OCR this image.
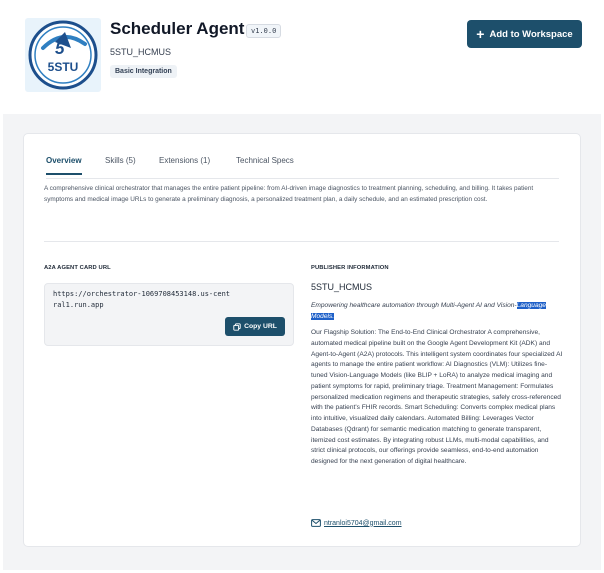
5
5STU
Scheduler Agent v1.0.0
5STU_HCMUS
Basic Integration
+ Add to Workspace
Overview	Skills (5)	Extensions (1)	Technical Specs
A comprehensive clinical orchestrator that manages the entire patient pipeline: from AI-driven image diagnostics to treatment planning, scheduling, and billing. It takes patient symptoms and medical image URLs to generate a preliminary diagnosis, a personalized treatment plan, a daily schedule, and an estimated prescription cost.
A2A AGENT CARD URL
https://orchestrator-1069708453148.us-central1.run.app
Copy URL
PUBLISHER INFORMATION
5STU_HCMUS
Empowering healthcare automation through Multi-Agent AI and Vision-Language Models.
Our Flagship Solution: The End-to-End Clinical Orchestrator A comprehensive, automated medical pipeline built on the Google Agent Development Kit (ADK) and Agent-to-Agent (A2A) protocols. This intelligent system coordinates four specialized AI agents to manage the entire patient workflow: AI Diagnostics (VLM): Utilizes fine-tuned Vision-Language Models (like BLIP + LoRA) to analyze medical imaging and patient symptoms for rapid, preliminary triage. Treatment Management: Formulates personalized medication regimens and therapeutic strategies, safely cross-referenced with the patient's FHIR records. Smart Scheduling: Converts complex medical plans into intuitive, visualized daily calendars. Automated Billing: Leverages Vector Databases (Qdrant) for semantic medication matching to generate transparent, itemized cost estimates. By integrating robust LLMs, multi-modal capabilities, and strict clinical protocols, our offerings provide seamless, end-to-end automation designed for the next generation of digital healthcare.
ntranloi5704@gmail.com
